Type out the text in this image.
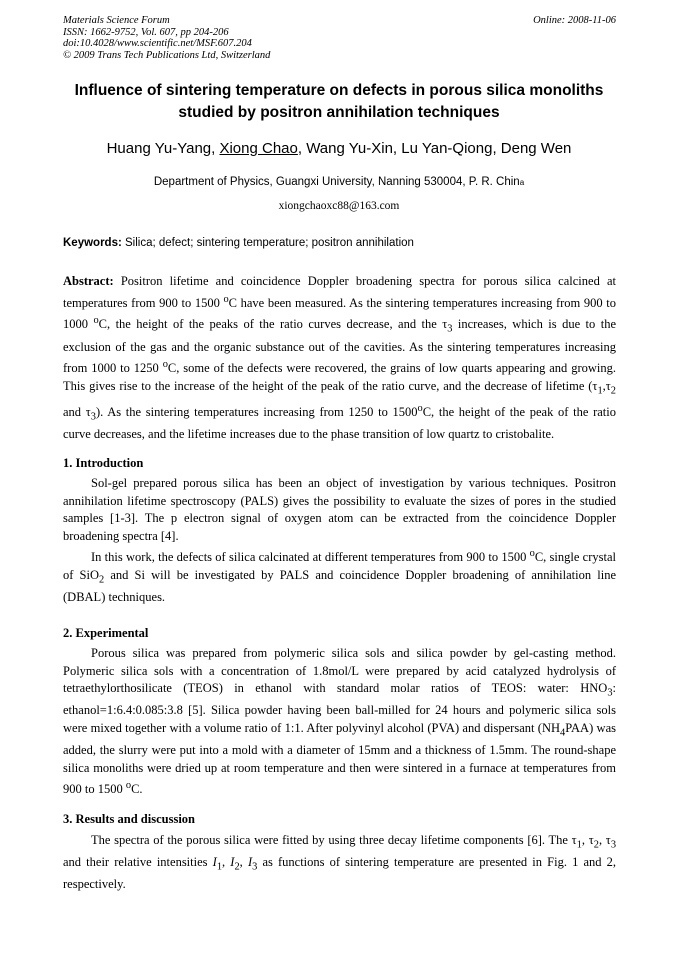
Materials Science Forum
ISSN: 1662-9752, Vol. 607, pp 204-206
doi:10.4028/www.scientific.net/MSF.607.204
© 2009 Trans Tech Publications Ltd, Switzerland
Online: 2008-11-06
Influence of sintering temperature on defects in porous silica monoliths
studied by positron annihilation techniques
Huang Yu-Yang, Xiong Chao, Wang Yu-Xin, Lu Yan-Qiong, Deng Wen
Department of Physics, Guangxi University, Nanning 530004, P. R. China
xiongchaoxc88@163.com
Keywords: Silica; defect; sintering temperature; positron annihilation

Abstract: Positron lifetime and coincidence Doppler broadening spectra for porous silica calcined at temperatures from 900 to 1500 $^o$C have been measured. As the sintering temperatures increasing from 900 to 1000 $^o$C, the height of the peaks of the ratio curves decrease, and the $\tau_3$ increases, which is due to the exclusion of the gas and the organic substance out of the cavities. As the sintering temperatures increasing from 1000 to 1250 $^o$C, some of the defects were recovered, the grains of low quarts appearing and growing. This gives rise to the increase of the height of the peak of the ratio curve, and the decrease of lifetime ($\tau_1,\tau_2$ and $\tau_3$). As the sintering temperatures increasing from 1250 to 1500$^o$C, the height of the peak of the ratio curve decreases, and the lifetime increases due to the phase transition of low quartz to cristobalite.

1. Introduction

Sol-gel prepared porous silica has been an object of investigation by various techniques. Positron annihilation lifetime spectroscopy (PALS) gives the possibility to evaluate the sizes of pores in the studied samples [1-3]. The p electron signal of oxygen atom can be extracted from the coincidence Doppler broadening spectra [4].

In this work, the defects of silica calcinated at different temperatures from 900 to 1500 $^o$C, single crystal of SiO$_2$ and Si will be investigated by PALS and coincidence Doppler broadening of annihilation line (DBAL) techniques.

2. Experimental

Porous silica was prepared from polymeric silica sols and silica powder by gel-casting method. Polymeric silica sols with a concentration of 1.8mol/L were prepared by acid catalyzed hydrolysis of tetraethylorthosilicate (TEOS) in ethanol with standard molar ratios of TEOS: water: $HNO_3$: ethanol=1:6.4:0.085:3.8 [5]. Silica powder having been ball-milled for 24 hours and polymeric silica sols were mixed together with a volume ratio of 1:1. After polyvinyl alcohol (PVA) and dispersant $(NH_4PAA)$ was added, the slurry were put into a mold with a diameter of 15mm and a thickness of 1.5mm. The round-shape silica monoliths were dried up at room temperature and then were sintered in a furnace at temperatures from 900 to 1500 $^o$C.

3. Results and discussion

The spectra of the porous silica were fitted by using three decay lifetime components [6]. The $\tau_1$, $\tau_2$, $\tau_3$ and their relative intensities $I_1$, $I_2$, $I_3$ as functions of sintering temperature are presented in Fig. 1 and 2, respectively.
